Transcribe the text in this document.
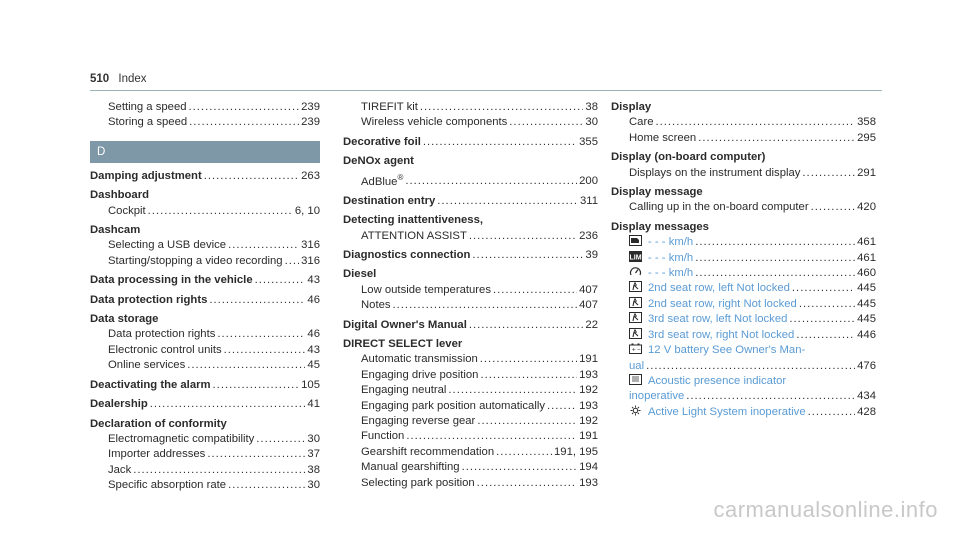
510 Index
Setting a speed .....	239
Storing a speed .....	239
D
Damping adjustment .....	263
Dashboard
Cockpit .....	6, 10
Dashcam
Selecting a USB device .....	316
Starting/stopping a video recording ..... 316
Data processing in the vehicle .....	43
Data protection rights .....	46
Data storage
Data protection rights .....	46
Electronic control units .....	43
Online services .....	45
Deactivating the alarm .....	105
Dealership .....	41
Declaration of conformity
Electromagnetic compatibility .....	30
Importer addresses .....	37
Jack .....	38
Specific absorption rate .....	30
TIREFIT kit .....	38
Wireless vehicle components .....	30
Decorative foil .....	355
DeNOx agent
AdBlue® .....	200
Destination entry .....	311
Detecting inattentiveness,
ATTENTION ASSIST .....	236
Diagnostics connection .....	39
Diesel
Low outside temperatures .....	407
Notes .....	407
Digital Owner's Manual .....	22
DIRECT SELECT lever
Automatic transmission .....	191
Engaging drive position .....	193
Engaging neutral .....	192
Engaging park position automatically .....	193
Engaging reverse gear .....	192
Function .....	191
Gearshift recommendation .....	191, 195
Manual gearshifting .....	194
Selecting park position .....	193
Display
Care .....	358
Home screen .....	295
Display (on-board computer)
Displays on the instrument display .....	291
Display message
Calling up in the on-board computer .....	420
Display messages
- - - km/h .....	461
LIM - - - km/h .....	461
- - - km/h .....	460
2nd seat row, left Not locked .....	445
2nd seat row, right Not locked .....	445
3rd seat row, left Not locked .....	445
3rd seat row, right Not locked .....	446
+ − 12 V battery See Owner's Man-
ual .....	476
Acoustic presence indicator
inoperative .....	434
Active Light System inoperative .....	428
carmanualsonline.info
